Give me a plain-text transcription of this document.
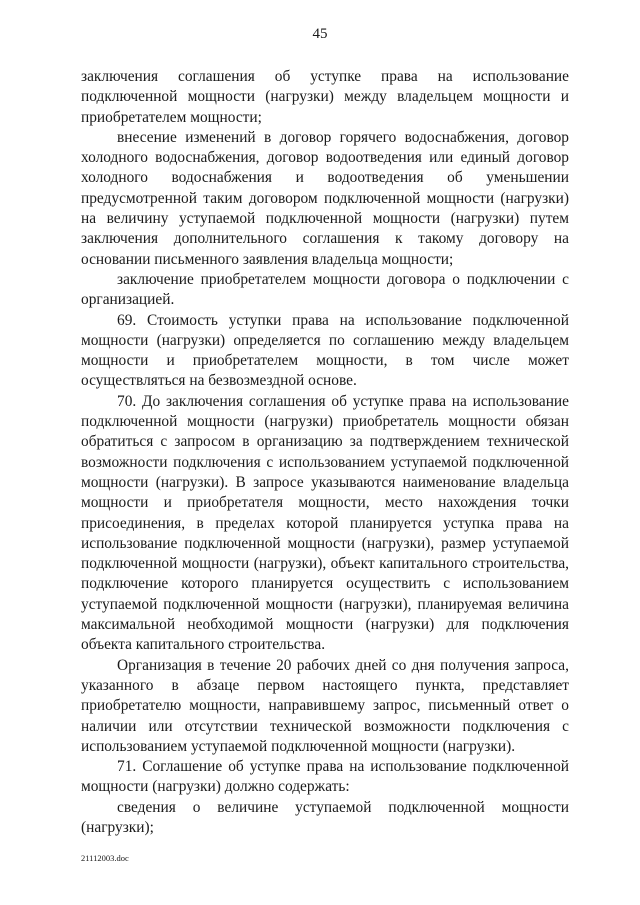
45

заключения соглашения об уступке права на использование подключенной мощности (нагрузки) между владельцем мощности и приобретателем мощности;

внесение изменений в договор горячего водоснабжения, договор холодного водоснабжения, договор водоотведения или единый договор холодного водоснабжения и водоотведения об уменьшении предусмотренной таким договором подключенной мощности (нагрузки) на величину уступаемой подключенной мощности (нагрузки) путем заключения дополнительного соглашения к такому договору на основании письменного заявления владельца мощности;

заключение приобретателем мощности договора о подключении с организацией.

69. Стоимость уступки права на использование подключенной мощности (нагрузки) определяется по соглашению между владельцем мощности и приобретателем мощности, в том числе может осуществляться на безвозмездной основе.

70. До заключения соглашения об уступке права на использование подключенной мощности (нагрузки) приобретатель мощности обязан обратиться с запросом в организацию за подтверждением технической возможности подключения с использованием уступаемой подключенной мощности (нагрузки). В запросе указываются наименование владельца мощности и приобретателя мощности, место нахождения точки присоединения, в пределах которой планируется уступка права на использование подключенной мощности (нагрузки), размер уступаемой подключенной мощности (нагрузки), объект капитального строительства, подключение которого планируется осуществить с использованием уступаемой подключенной мощности (нагрузки), планируемая величина максимальной необходимой мощности (нагрузки) для подключения объекта капитального строительства.

Организация в течение 20 рабочих дней со дня получения запроса, указанного в абзаце первом настоящего пункта, представляет приобретателю мощности, направившему запрос, письменный ответ о наличии или отсутствии технической возможности подключения с использованием уступаемой подключенной мощности (нагрузки).

71. Соглашение об уступке права на использование подключенной мощности (нагрузки) должно содержать:

сведения о величине уступаемой подключенной мощности (нагрузки);

21112003.doc
